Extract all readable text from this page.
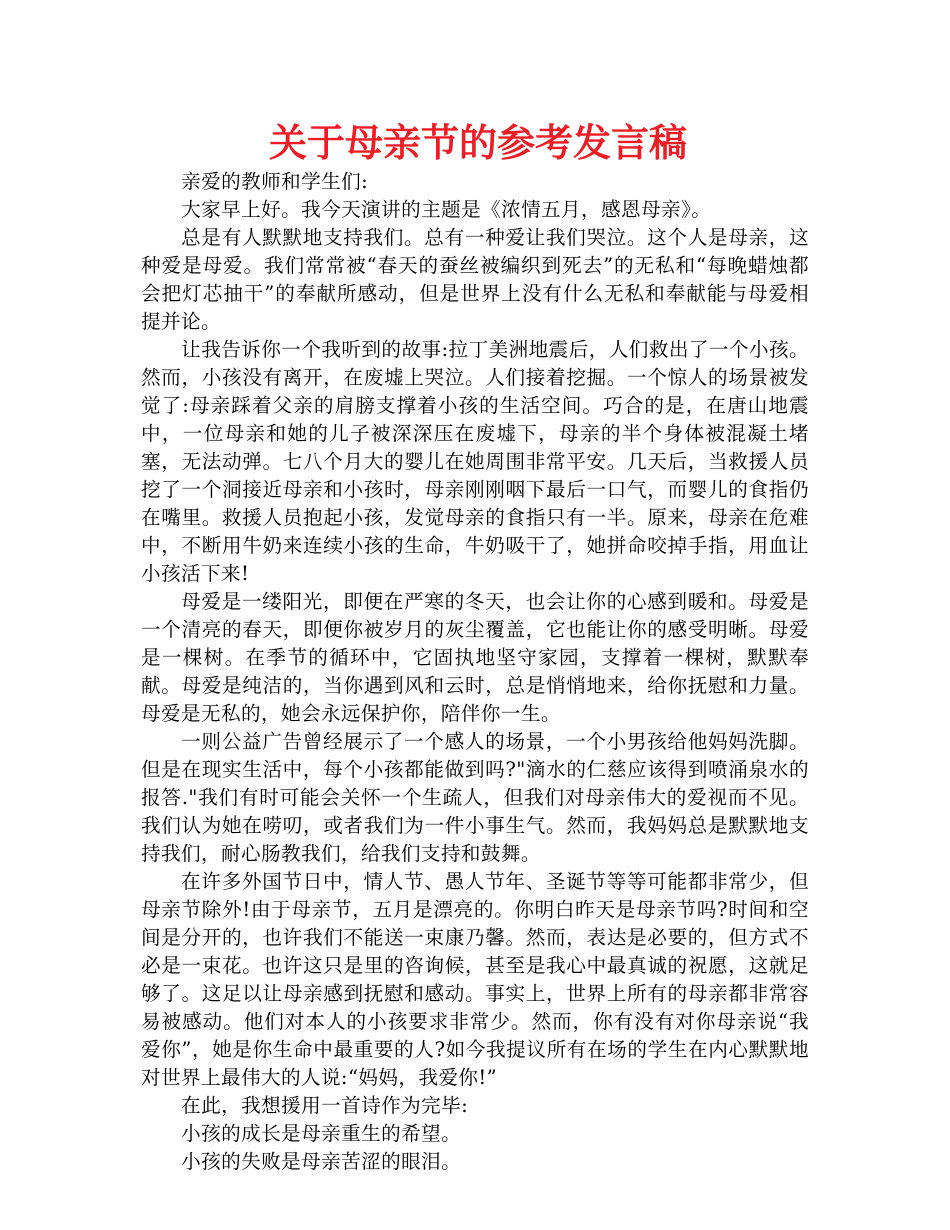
关于母亲节的参考发言稿

亲爱的教师和学生们:

大家早上好。我今天演讲的主题是《浓情五月，感恩母亲》。

总是有人默默地支持我们。总有一种爱让我们哭泣。这个人是母亲，这种爱是母爱。我们常常被“春天的蚕丝被编织到死去”的无私和“每晚蜡烛都会把灯芯抽干”的奉献所感动，但是世界上没有什么无私和奉献能与母爱相提并论。

让我告诉你一个我听到的故事:拉丁美洲地震后，人们救出了一个小孩。然而，小孩没有离开，在废墟上哭泣。人们接着挖掘。一个惊人的场景被发觉了:母亲踩着父亲的肩膀支撑着小孩的生活空间。巧合的是，在唐山地震中，一位母亲和她的儿子被深深压在废墟下，母亲的半个身体被混凝土堵塞，无法动弹。七八个月大的婴儿在她周围非常平安。几天后，当救援人员挖了一个洞接近母亲和小孩时，母亲刚刚咽下最后一口气，而婴儿的食指仍在嘴里。救援人员抱起小孩，发觉母亲的食指只有一半。原来，母亲在危难中，不断用牛奶来连续小孩的生命，牛奶吸干了，她拼命咬掉手指，用血让小孩活下来!

母爱是一缕阳光，即便在严寒的冬天，也会让你的心感到暖和。母爱是一个清亮的春天，即便你被岁月的灰尘覆盖，它也能让你的感受明晰。母爱是一棵树。在季节的循环中，它固执地坚守家园，支撑着一棵树，默默奉献。母爱是纯洁的，当你遇到风和云时，总是悄悄地来，给你抚慰和力量。母爱是无私的，她会永远保护你，陪伴你一生。

一则公益广告曾经展示了一个感人的场景，一个小男孩给他妈妈洗脚。但是在现实生活中，每个小孩都能做到吗?"滴水的仁慈应该得到喷涌泉水的报答."我们有时可能会关怀一个生疏人，但我们对母亲伟大的爱视而不见。我们认为她在唠叨，或者我们为一件小事生气。然而，我妈妈总是默默地支持我们，耐心肠教我们，给我们支持和鼓舞。

在许多外国节日中，情人节、愚人节年、圣诞节等等可能都非常少，但母亲节除外!由于母亲节，五月是漂亮的。你明白昨天是母亲节吗?时间和空间是分开的，也许我们不能送一束康乃馨。然而，表达是必要的，但方式不必是一束花。也许这只是里的咨询候，甚至是我心中最真诚的祝愿，这就足够了。这足以让母亲感到抚慰和感动。事实上，世界上所有的母亲都非常容易被感动。他们对本人的小孩要求非常少。然而，你有没有对你母亲说“我爱你”，她是你生命中最重要的人?如今我提议所有在场的学生在内心默默地对世界上最伟大的人说:“妈妈，我爱你!”

在此，我想援用一首诗作为完毕:

小孩的成长是母亲重生的希望。

小孩的失败是母亲苦涩的眼泪。
